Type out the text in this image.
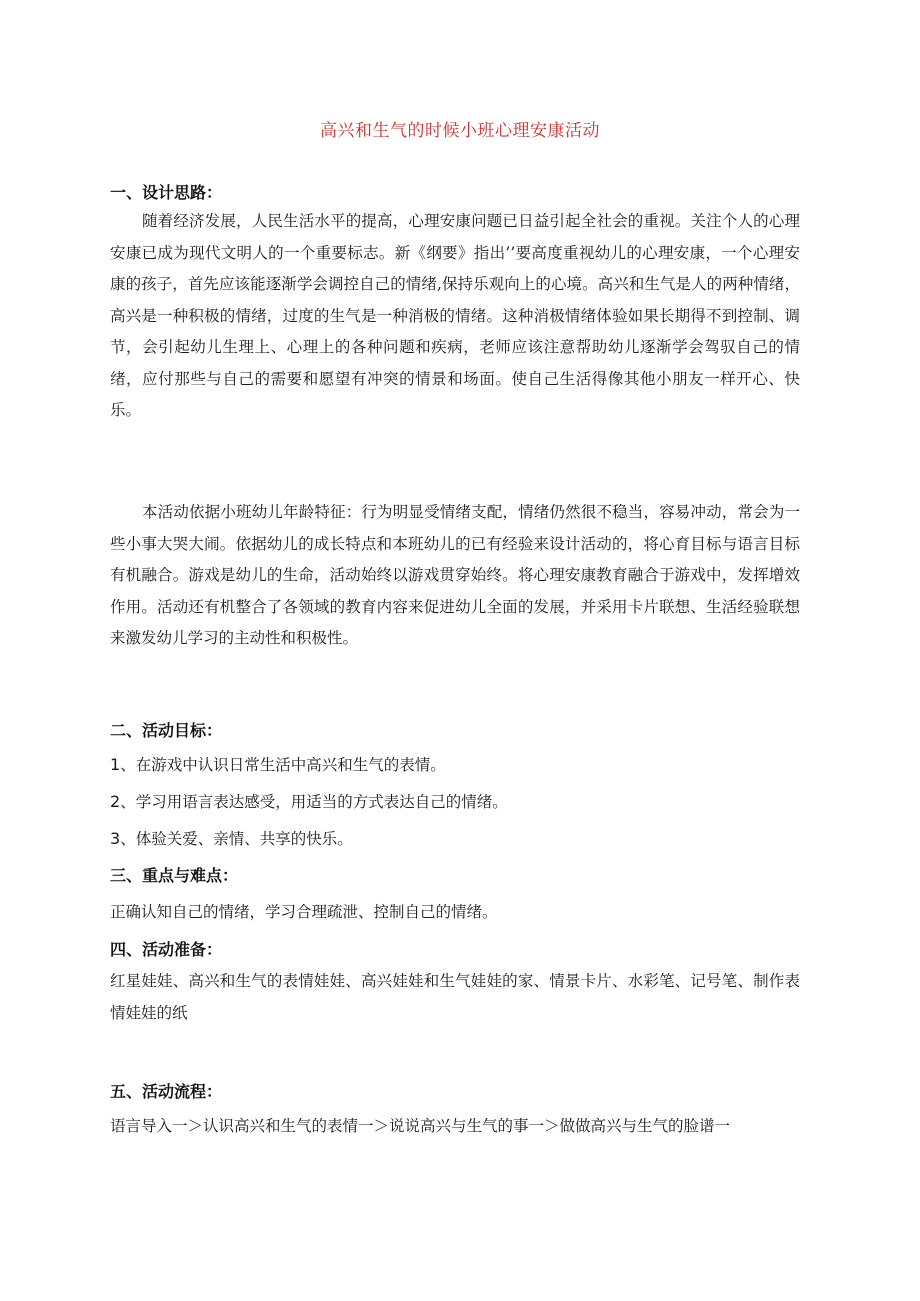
高兴和生气的时候小班心理安康活动
一、设计思路：
随着经济发展，人民生活水平的提高，心理安康问题已日益引起全社会的重视。关注个人的心理安康已成为现代文明人的一个重要标志。新《纲要》指出’’要高度重视幼儿的心理安康，一个心理安康的孩子，首先应该能逐渐学会调控自己的情绪,保持乐观向上的心境。高兴和生气是人的两种情绪，高兴是一种积极的情绪，过度的生气是一种消极的情绪。这种消极情绪体验如果长期得不到控制、调节，会引起幼儿生理上、心理上的各种问题和疾病，老师应该注意帮助幼儿逐渐学会驾驭自己的情绪，应付那些与自己的需要和愿望有冲突的情景和场面。使自己生活得像其他小朋友一样开心、快乐。
本活动依据小班幼儿年龄特征：行为明显受情绪支配，情绪仍然很不稳当，容易冲动，常会为一些小事大哭大闹。依据幼儿的成长特点和本班幼儿的已有经验来设计活动的，将心育目标与语言目标有机融合。游戏是幼儿的生命，活动始终以游戏贯穿始终。将心理安康教育融合于游戏中，发挥增效作用。活动还有机整合了各领域的教育内容来促进幼儿全面的发展，并采用卡片联想、生活经验联想来激发幼儿学习的主动性和积极性。
二、活动目标：
1、在游戏中认识日常生活中高兴和生气的表情。
2、学习用语言表达感受，用适当的方式表达自己的情绪。
3、体验关爱、亲情、共享的快乐。
三、重点与难点：
正确认知自己的情绪，学习合理疏泄、控制自己的情绪。
四、活动准备：
红星娃娃、高兴和生气的表情娃娃、高兴娃娃和生气娃娃的家、情景卡片、水彩笔、记号笔、制作表情娃娃的纸
五、活动流程：
语言导入一＞认识高兴和生气的表情一＞说说高兴与生气的事一＞做做高兴与生气的脸谱一
